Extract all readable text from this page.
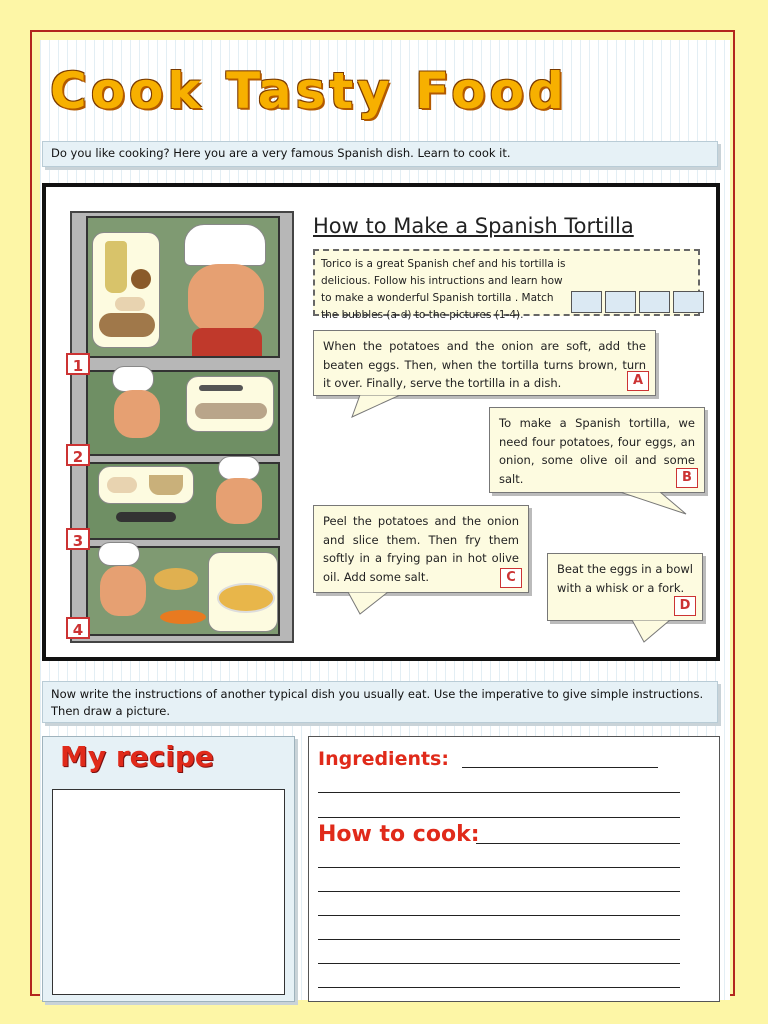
Cook Tasty Food
Do you like cooking? Here you are a very famous Spanish dish. Learn to cook it.
1
2
3
4
How to Make a Spanish Tortilla
Torico is a great Spanish chef and his tortilla is delicious. Follow his intructions and learn how to make a wonderful Spanish tortilla . Match the bubbles (a-d) to the pictures (1-4).
When the potatoes and the onion are soft, add the beaten eggs. Then, when the tortilla turns brown, turn it over. Finally, serve the tortilla in a dish.	A
To make a Spanish tortilla, we need four potatoes, four eggs, an onion, some olive oil and some salt.	B
Peel the potatoes and the onion and slice them. Then fry them softly in a frying pan in hot olive oil. Add some salt.	C
Beat the eggs in a bowl with a whisk or a fork.
D
Now write the instructions of another typical dish you usually eat. Use the imperative to give simple instructions. Then draw a picture.
My recipe	Ingredients:
How to cook:
